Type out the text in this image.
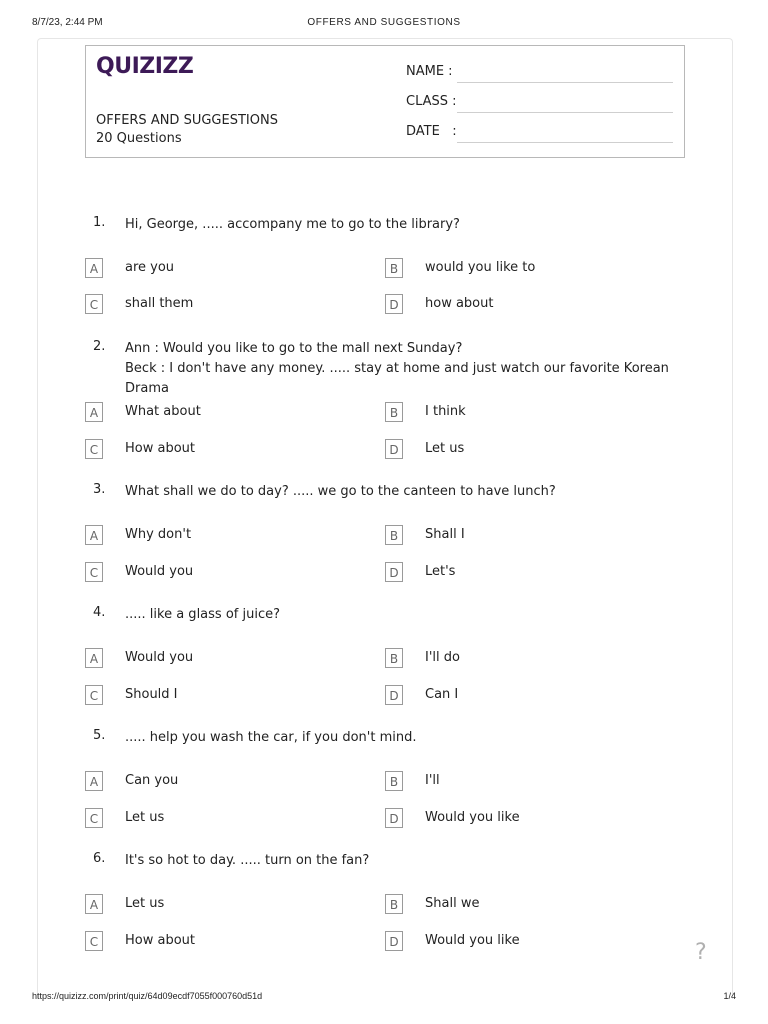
8/7/23, 2:44 PM	OFFERS AND SUGGESTIONS
QUIZIZZ
OFFERS AND SUGGESTIONS
20 Questions
NAME :
CLASS :
DATE   :
1. Hi, George, ..... accompany me to go to the library?
A	are you	B	would you like to
C	shall them	D	how about
2. Ann : Would you like to go to the mall next Sunday?
Beck : I don't have any money. ..... stay at home and just watch our favorite Korean Drama
A	What about	B	I think
C	How about	D	Let us
3. What shall we do to day? ..... we go to the canteen to have lunch?
A	Why don't	B	Shall I
C	Would you	D	Let's
4. ..... like a glass of juice?
A	Would you	B	I'll do
C	Should I	D	Can I
5. ..... help you wash the car, if you don't mind.
A	Can you	B	I'll
C	Let us	D	Would you like
6. It's so hot to day. ..... turn on the fan?
A	Let us	B	Shall we
C	How about	D	Would you like	?
https://quizizz.com/print/quiz/64d09ecdf7055f000760d51d	1/4
